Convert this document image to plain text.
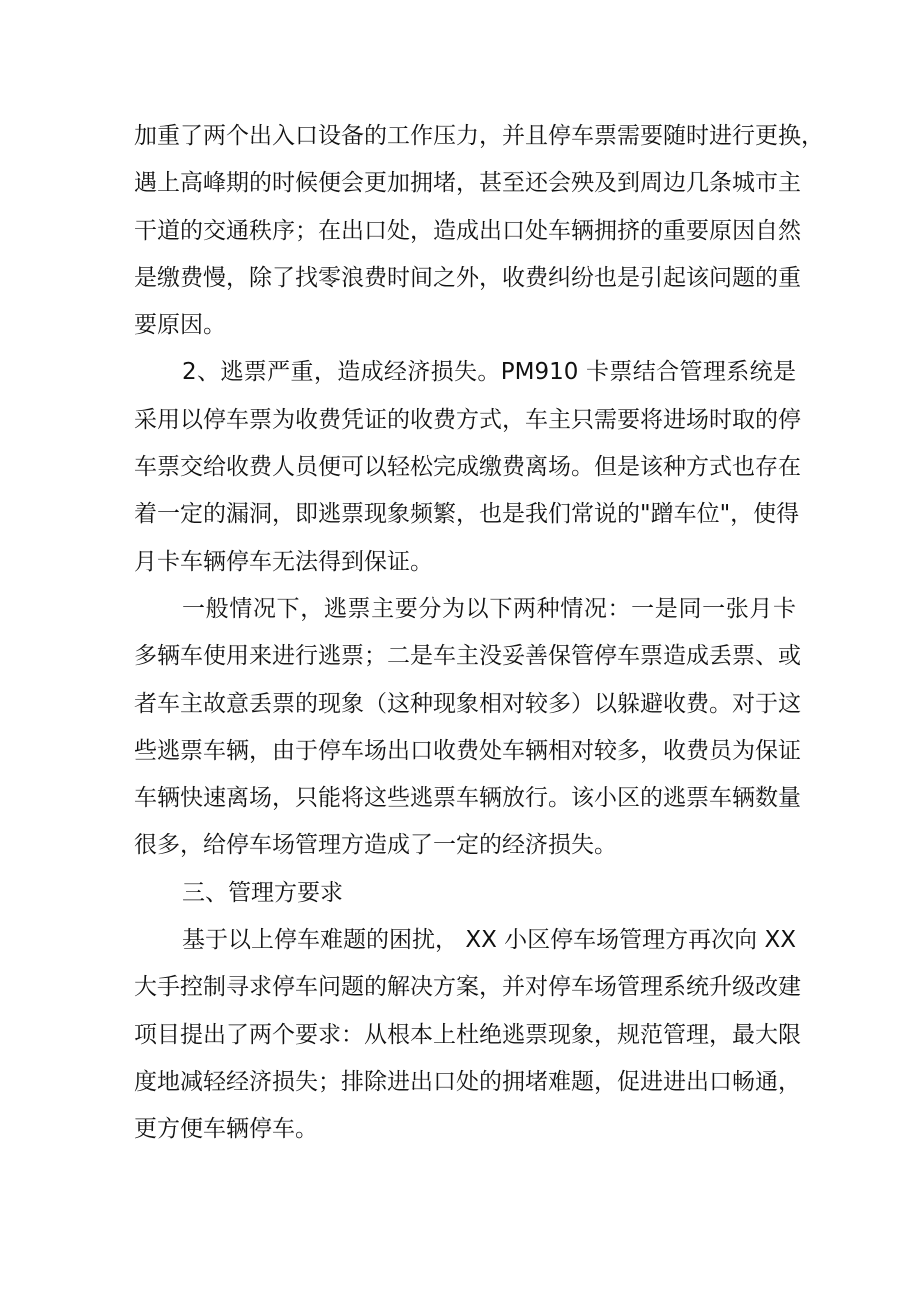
加重了两个出入口设备的工作压力，并且停车票需要随时进行更换，
遇上高峰期的时候便会更加拥堵，甚至还会殃及到周边几条城市主
干道的交通秩序；在出口处，造成出口处车辆拥挤的重要原因自然
是缴费慢，除了找零浪费时间之外，收费纠纷也是引起该问题的重
要原因。

2、逃票严重，造成经济损失。PM910 卡票结合管理系统是
采用以停车票为收费凭证的收费方式，车主只需要将进场时取的停
车票交给收费人员便可以轻松完成缴费离场。但是该种方式也存在
着一定的漏洞，即逃票现象频繁，也是我们常说的"蹭车位"，使得
月卡车辆停车无法得到保证。

一般情况下，逃票主要分为以下两种情况：一是同一张月卡
多辆车使用来进行逃票；二是车主没妥善保管停车票造成丢票、或
者车主故意丢票的现象（这种现象相对较多）以躲避收费。对于这
些逃票车辆，由于停车场出口收费处车辆相对较多，收费员为保证
车辆快速离场，只能将这些逃票车辆放行。该小区的逃票车辆数量
很多，给停车场管理方造成了一定的经济损失。

三、管理方要求

基于以上停车难题的困扰， XX 小区停车场管理方再次向 XX
大手控制寻求停车问题的解决方案，并对停车场管理系统升级改建
项目提出了两个要求：从根本上杜绝逃票现象，规范管理，最大限
度地减轻经济损失；排除进出口处的拥堵难题，促进进出口畅通，
更方便车辆停车。
